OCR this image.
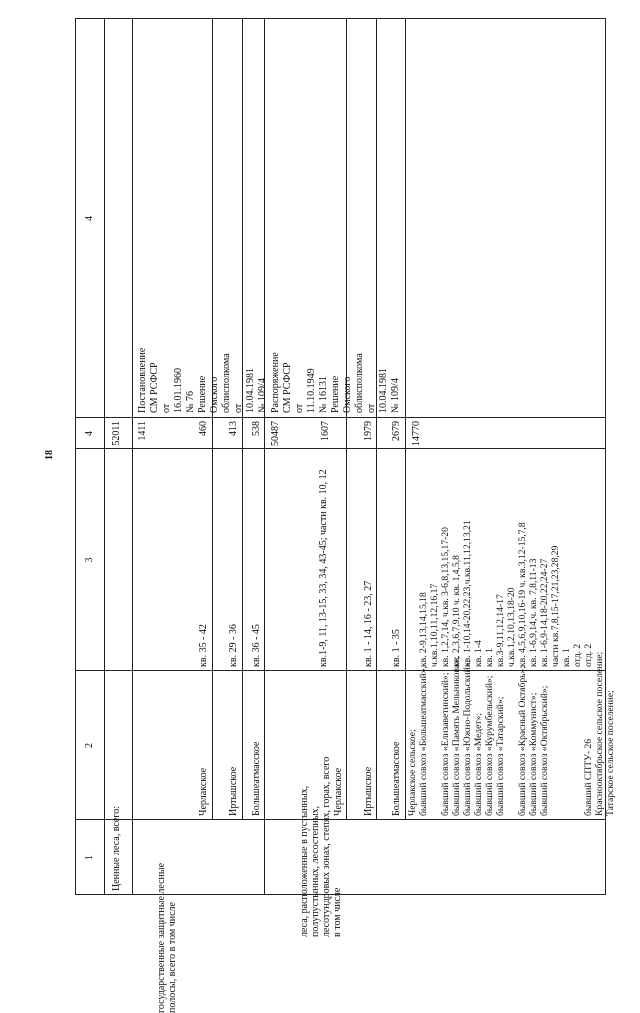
18
1
2
3
4
4
Ценные леса, всего:
52011
государственные защитные лесные полосы, всего в том числе
1411
Постановление СМ РСФСР от 16.01.1960 № 76 Решение Омского облисполкома от 10.04.1981 № 109/4
Черлакское
кв. 35 - 42
460
Иртышское
кв. 29 - 36
413
Большеатмасское
кв. 36 - 45
538
леса, расположенные в пустынных, полупустынных, лесостепных, лесотундровых зонах, степях, горах, всего в том числе
50487
Распоряжение СМ РСФСР от 11.10.1949 № 16131 Решение Омского облисполкома от 10.04.1981 № 109/4
Черлакское
кв.1-9, 11, 13-15, 33, 34, 43-45; части кв. 10, 12
1607
Иртышское
кв. 1 - 14, 16 - 23, 27
1979
Большеатмасское
кв. 1 - 35
2679 14770
Черлакское сельское; бывший совхоз «Большеатмасский», бывший совхоз «Елизаветинский»; бывший совхоз «Память Мельникова»; бывший совхоз «Южно-Подольский»; бывший совхоз «Медет»; бывший совхоз «Курумбельский»; бывший совхоз «Татарский»; бывший совхоз «Красный Октябрь»; бывший совхоз «Коммунист»; бывший совхоз «Октябрьский»;	бывший СПТУ- 26 Краснооктябрьское сельское поселение; Татарское сельское поселение;
кв. 2-9,13,14,15,18 ч.кв.1,10,11,12,16,17 кв. 1,2,7,14, ч.кв. 3-6,8,13,15,17-20 кв. 2,3,6,7,9,10 ч. кв. 1,4,5,8 кв. 1-10,14-20,22,23,ч.кв.11,12,13,21 кв. 1-4 кв. 1 кв.3-9,11,12,14-17 ч.кв.1,2,10,13,18-20 кв. 4,5,6,9,10,16-19 ч. кв.3,12-15,7,8 кв. 1-6,9,14,ч. кв. 7,8,11-13 кв. 1-6,9-14,18-20,22,24-27 части кв.7,8,15-17,21,23,28,29 кв. 1 отд. 2 отд. 2
